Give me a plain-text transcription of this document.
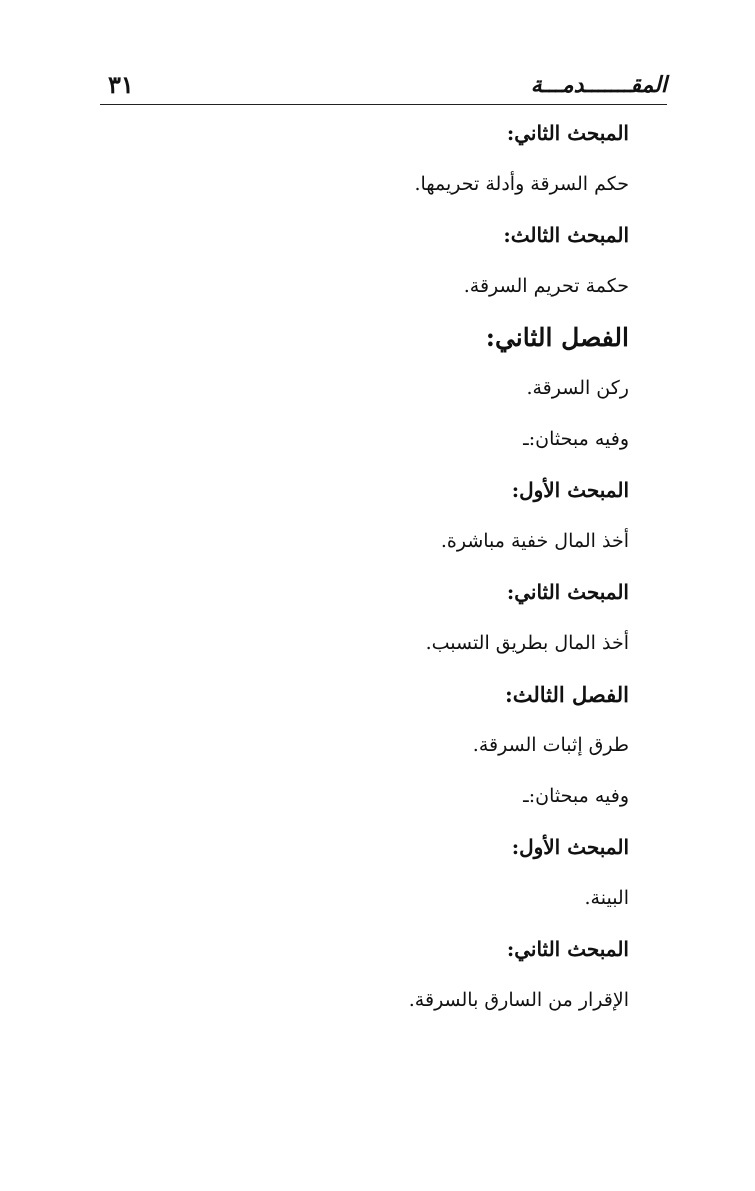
٣١	المقـــــــدمـــة
المبحث الثاني:
حكم السرقة وأدلة تحريمها.
المبحث الثالث:
حكمة تحريم السرقة.
الفصل الثاني:
ركن السرقة.
وفيه مبحثان:ـ
المبحث الأول:
أخذ المال خفية مباشرة.
المبحث الثاني:
أخذ المال بطريق التسبب.
الفصل الثالث:
طرق إثبات السرقة.
وفيه مبحثان:ـ
المبحث الأول:
البينة.
المبحث الثاني:
الإقرار من السارق بالسرقة.
